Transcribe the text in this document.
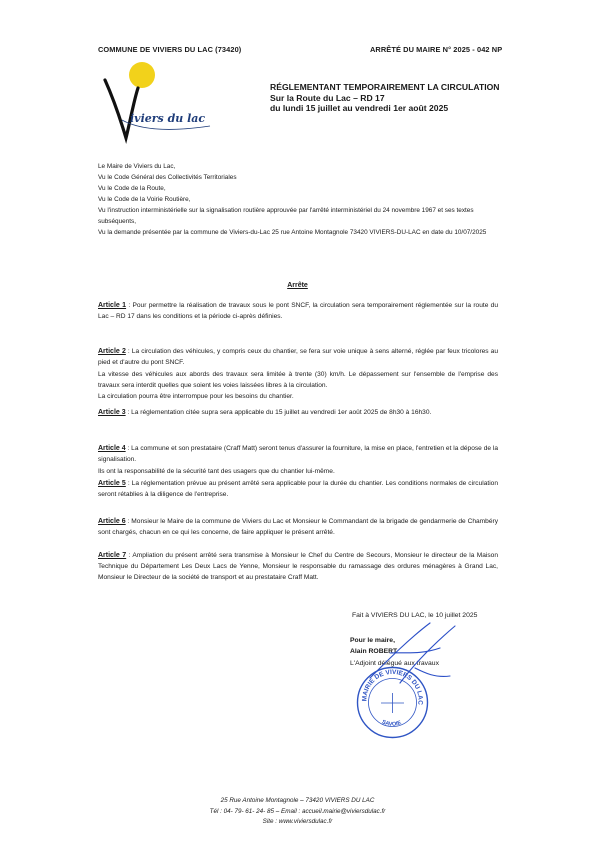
COMMUNE DE VIVIERS DU LAC (73420)	ARRÊTÉ DU MAIRE N° 2025 - 042 NP
iviers du lac
RÉGLEMENTANT TEMPORAIREMENT LA CIRCULATION
Sur la Route du Lac – RD 17
du lundi 15 juillet au vendredi 1er août 2025
Le Maire de Viviers du Lac,
Vu le Code Général des Collectivités Territoriales
Vu le Code de la Route,
Vu le Code de la Voirie Routière,
Vu l'instruction interministérielle sur la signalisation routière approuvée par l'arrêté interministériel du 24 novembre 1967 et ses textes subséquents,
Vu la demande présentée par la commune de Viviers-du-Lac 25 rue Antoine Montagnole 73420 VIVIERS-DU-LAC en date du 10/07/2025
Arrête
Article 1 : Pour permettre la réalisation de travaux sous le pont SNCF, la circulation sera temporairement réglementée sur la route du Lac – RD 17 dans les conditions et la période ci-après définies.

Article 2 : La circulation des véhicules, y compris ceux du chantier, se fera sur voie unique à sens alterné, réglée par feux tricolores au pied et d'autre du pont SNCF.
La vitesse des véhicules aux abords des travaux sera limitée à trente (30) km/h. Le dépassement sur l'ensemble de l'emprise des travaux sera interdit quelles que soient les voies laissées libres à la circulation.
La circulation pourra être interrompue pour les besoins du chantier.

Article 3 : La réglementation citée supra sera applicable du 15 juillet au vendredi 1er août 2025 de 8h30 à 16h30.

Article 4 : La commune et son prestataire (Craff Matt) seront tenus d'assurer la fourniture, la mise en place, l'entretien et la dépose de la signalisation.
Ils ont la responsabilité de la sécurité tant des usagers que du chantier lui-même.

Article 5 : La réglementation prévue au présent arrêté sera applicable pour la durée du chantier. Les conditions normales de circulation seront rétablies à la diligence de l'entreprise.
Article 6 : Monsieur le Maire de la commune de Viviers du Lac et Monsieur le Commandant de la brigade de gendarmerie de Chambéry sont chargés, chacun en ce qui les concerne, de faire appliquer le présent arrêté.
Article 7 : Ampliation du présent arrêté sera transmise à Monsieur le Chef du Centre de Secours, Monsieur le directeur de la Maison Technique du Département Les Deux Lacs de Yenne, Monsieur le responsable du ramassage des ordures ménagères à Grand Lac, Monsieur le Directeur de la société de transport et au prestataire Craff Matt.
Fait à VIVIERS DU LAC, le 10 juillet 2025
Pour le maire,
Alain ROBERT
L'Adjoint délégué aux travaux
MAIRIE DE VIVIERS DU LAC
SAVOIE
25 Rue Antoine Montagnole – 73420 VIVIERS DU LAC
Tél : 04- 79- 61- 24- 85 – Email : accueil.mairie@viviersdulac.fr
Site : www.viviersdulac.fr
